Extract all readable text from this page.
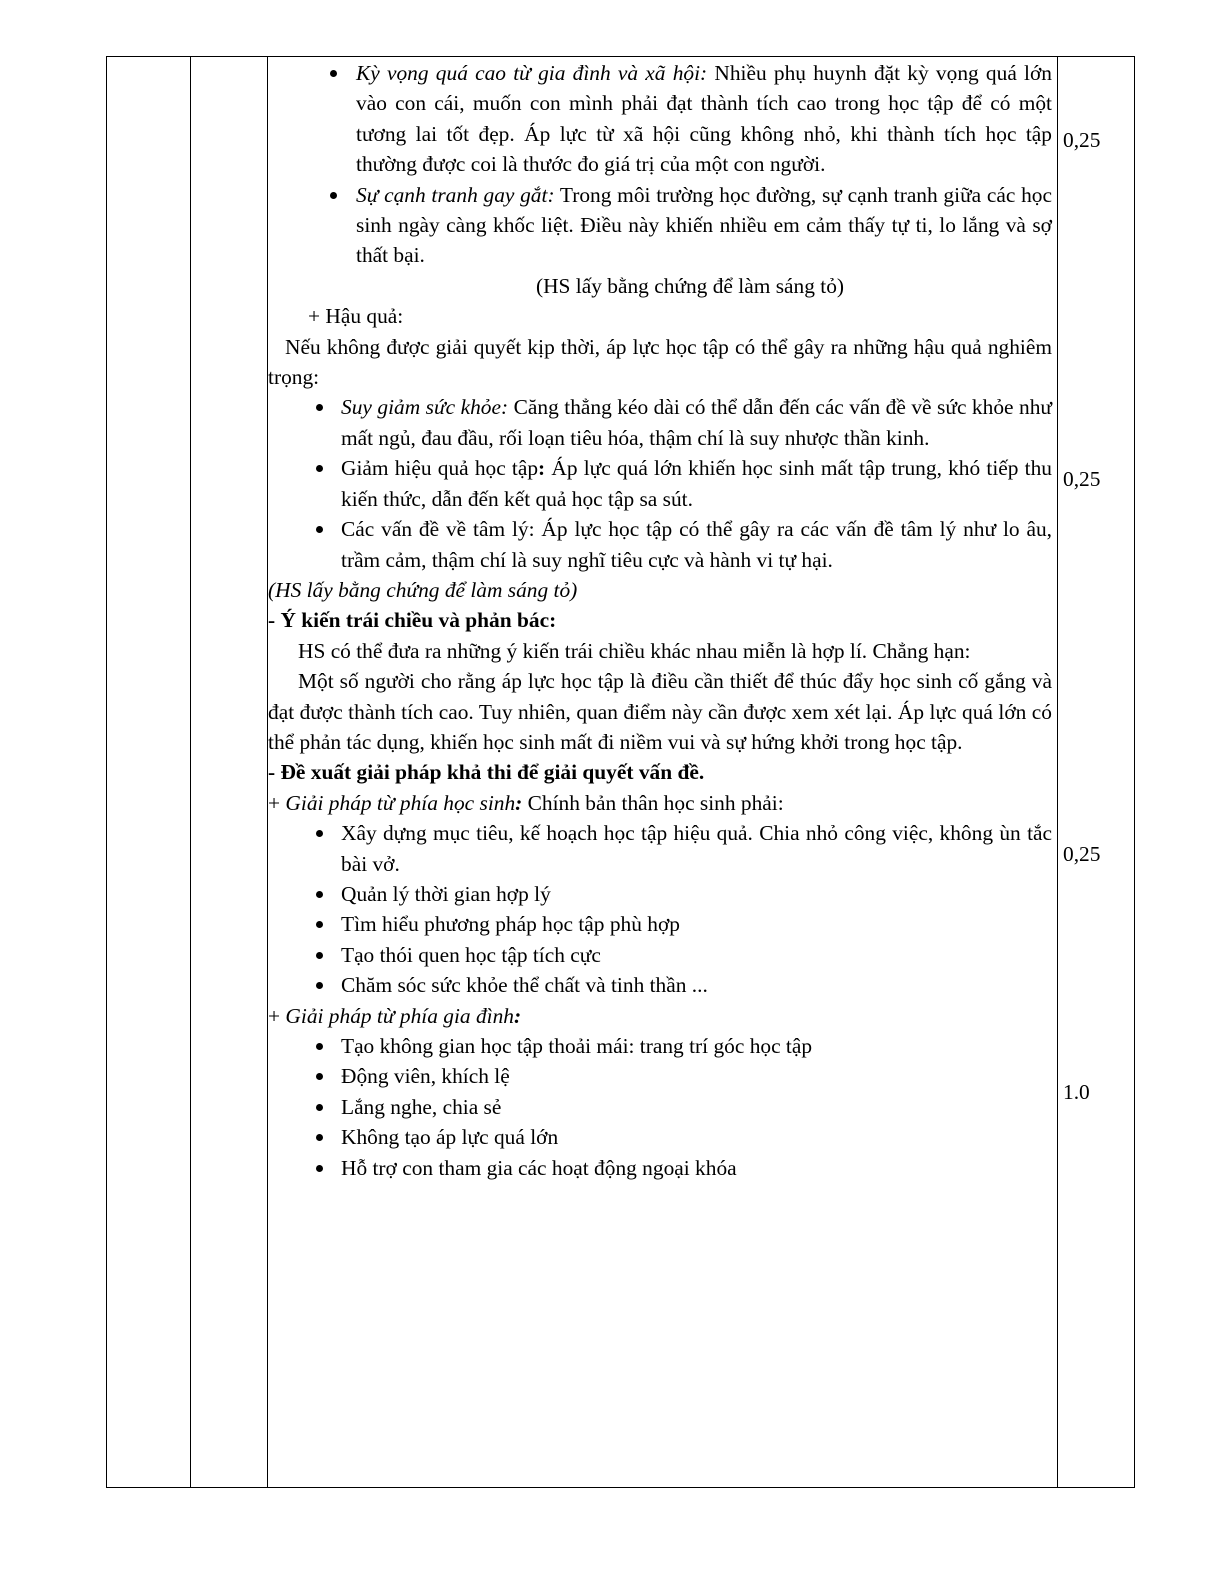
Kỳ vọng quá cao từ gia đình và xã hội: Nhiều phụ huynh đặt kỳ vọng quá lớn vào con cái, muốn con mình phải đạt thành tích cao trong học tập để có một tương lai tốt đẹp. Áp lực từ xã hội cũng không nhỏ, khi thành tích học tập thường được coi là thước đo giá trị của một con người.
Sự cạnh tranh gay gắt: Trong môi trường học đường, sự cạnh tranh giữa các học sinh ngày càng khốc liệt. Điều này khiến nhiều em cảm thấy tự ti, lo lắng và sợ thất bại.

(HS lấy bằng chứng để làm sáng tỏ)

+ Hậu quả:

Nếu không được giải quyết kịp thời, áp lực học tập có thể gây ra những hậu quả nghiêm trọng:

Suy giảm sức khỏe: Căng thẳng kéo dài có thể dẫn đến các vấn đề về sức khỏe như mất ngủ, đau đầu, rối loạn tiêu hóa, thậm chí là suy nhược thần kinh.
Giảm hiệu quả học tập: Áp lực quá lớn khiến học sinh mất tập trung, khó tiếp thu kiến thức, dẫn đến kết quả học tập sa sút.
Các vấn đề về tâm lý: Áp lực học tập có thể gây ra các vấn đề tâm lý như lo âu, trầm cảm, thậm chí là suy nghĩ tiêu cực và hành vi tự hại.

(HS lấy bằng chứng để làm sáng tỏ)

- Ý kiến trái chiều và phản bác:

HS có thể đưa ra những ý kiến trái chiều khác nhau miễn là hợp lí. Chẳng hạn:

Một số người cho rằng áp lực học tập là điều cần thiết để thúc đẩy học sinh cố gắng và đạt được thành tích cao. Tuy nhiên, quan điểm này cần được xem xét lại. Áp lực quá lớn có thể phản tác dụng, khiến học sinh mất đi niềm vui và sự hứng khởi trong học tập.

- Đề xuất giải pháp khả thi để giải quyết vấn đề.

+ Giải pháp từ phía học sinh: Chính bản thân học sinh phải:

Xây dựng mục tiêu, kế hoạch học tập hiệu quả. Chia nhỏ công việc, không ùn tắc bài vở.
Quản lý thời gian hợp lý
Tìm hiểu phương pháp học tập phù hợp
Tạo thói quen học tập tích cực
Chăm sóc sức khỏe thể chất và tinh thần ...

+ Giải pháp từ phía gia đình:

Tạo không gian học tập thoải mái: trang trí góc học tập
Động viên, khích lệ
Lắng nghe, chia sẻ
Không tạo áp lực quá lớn
Hỗ trợ con tham gia các hoạt động ngoại khóa
0,25
0,25
0,25
1.0
